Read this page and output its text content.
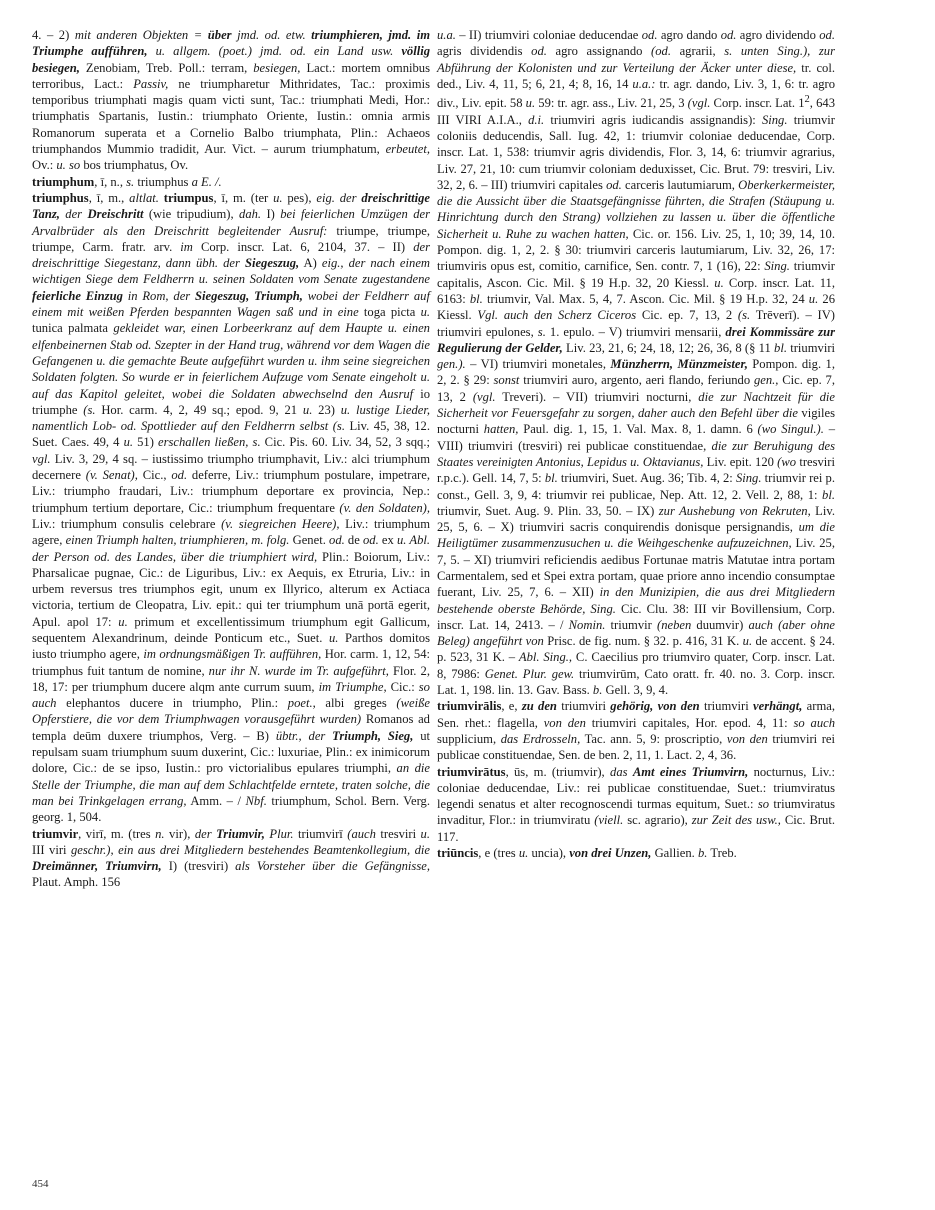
4. – 2) mit anderen Objekten = über jmd. od. etw. triumphieren, jmd. im Triumphe aufführen, u. allgem. (poet.) jmd. od. ein Land usw. völlig besiegen, Zenobiam, Treb. Poll.: terram, besiegen, Lact.: mortem omnibus terroribus, Lact.: Passiv, ne triumpharetur Mithridates, Tac.: proximis temporibus triumphati magis quam victi sunt, Tac.: triumphati Medi, Hor.: triumphatis Spartanis, Iustin.: triumphato Oriente, Iustin.: omnia armis Romanorum superata et a Cornelio Balbo triumphata, Plin.: Achaeos triumphandos Mummio tradidit, Aur. Vict. – aurum triumphatum, erbeutet, Ov.: u. so bos triumphatus, Ov.

triumphum, ī, n., s. triumphus a E. /.

triumphus, ī, m., altlat. triumpus, ī, m. (ter u. pes), eig. der dreischrittige Tanz, der Dreischritt (wie tripudium), dah. I) bei feierlichen Umzügen der Arvalbrüder als den Dreischritt begleitender Ausruf: triumpe, triumpe, triumpe, Carm. fratr. arv. im Corp. inscr. Lat. 6, 2104, 37. – II) der dreischrittige Siegestanz, dann übh. der Siegeszug, A) eig., der nach einem wichtigen Siege dem Feldherrn u. seinen Soldaten vom Senate zugestandene feierliche Einzug in Rom, der Siegeszug, Triumph, wobei der Feldherr auf einem mit weißen Pferden bespannten Wagen saß und in eine toga picta u. tunica palmata gekleidet war, einen Lorbeerkranz auf dem Haupte u. einen elfenbeinernen Stab od. Szepter in der Hand trug, während vor dem Wagen die Gefangenen u. die gemachte Beute aufgeführt wurden u. ihm seine siegreichen Soldaten folgten. So wurde er in feierlichem Aufzuge vom Senate eingeholt u. auf das Kapitol geleitet, wobei die Soldaten abwechselnd den Ausruf io triumphe (s. Hor. carm. 4, 2, 49 sq.; epod. 9, 21 u. 23) u. lustige Lieder, namentlich Lob- od. Spottlieder auf den Feldherrn selbst (s. Liv. 45, 38, 12. Suet. Caes. 49, 4 u. 51) erschallen ließen, s. Cic. Pis. 60. Liv. 34, 52, 3 sqq.; vgl. Liv. 3, 29, 4 sq. – iustissimo triumpho triumphavit, Liv.: alci triumphum decernere (v. Senat), Cic., od. deferre, Liv.: triumphum postulare, impetrare, Liv.: triumpho fraudari, Liv.: triumphum deportare ex provincia, Nep.: triumphum tertium deportare, Cic.: triumphum frequentare (v. den Soldaten), Liv.: triumphum consulis celebrare (v. siegreichen Heere), Liv.: triumphum agere, einen Triumph halten, triumphieren, m. folg. Genet. od. de od. ex u. Abl. der Person od. des Landes, über die triumphiert wird, Plin.: Boiorum, Liv.: Pharsalicae pugnae, Cic.: de Liguribus, Liv.: ex Aequis, ex Etruria, Liv.: in urbem reversus tres triumphos egit, unum ex Illyrico, alterum ex Actiaca victoria, tertium de Cleopatra, Liv. epit.: qui ter triumphum unā portā egerit, Apul. apol 17: u. primum et excellentissimum triumphum egit Gallicum, sequentem Alexandrinum, deinde Ponticum etc., Suet. u. Parthos domitos iusto triumpho agere, im ordnungsmäßigen Tr. aufführen, Hor. carm. 1, 12, 54: triumphus fuit tantum de nomine, nur ihr N. wurde im Tr. aufgeführt, Flor. 2, 18, 17: per triumphum ducere alqm ante currum suum, im Triumphe, Cic.: so auch elephantos ducere in triumpho, Plin.: poet., albi greges (weiße Opferstiere, die vor dem Triumphwagen vorausgeführt wurden) Romanos ad templa deūm duxere triumphos, Verg. – B) übtr., der Triumph, Sieg, ut repulsam suam triumphum suum duxerint, Cic.: luxuriae, Plin.: ex inimicorum dolore, Cic.: de se ipso, Iustin.: pro victorialibus epulares triumphi, an die Stelle der Triumphe, die man auf dem Schlachtfelde erntete, traten solche, die man bei Trinkgelagen errang, Amm. – / Nbf. triumphum, Schol. Bern. Verg. georg. 1, 504.

triumvir, virī, m. (tres n. vir), der Triumvir, Plur. triumvirī (auch tresviri u. III viri geschr.), ein aus drei Mitgliedern bestehendes Beamtenkollegium, die Dreimänner, Triumvirn, I) (tresviri) als Vorsteher über die Gefängnisse, Plaut. Amph. 156

u.a. – II) triumviri coloniae deducendae od. agro dando od. agro dividendo od. agris dividendis od. agro assignando (od. agrarii, s. unten Sing.), zur Abführung der Kolonisten und zur Verteilung der Äcker unter diese, tr. col. ded., Liv. 4, 11, 5; 6, 21, 4; 8, 16, 14 u.a.: tr. agr. dando, Liv. 3, 1, 6: tr. agro div., Liv. epit. 58 u. 59: tr. agr. ass., Liv. 21, 25, 3 (vgl. Corp. inscr. Lat. $1^2$, 643 III VIRI A.I.A., d.i. triumviri agris iudicandis assignandis): Sing. triumvir coloniis deducendis, Sall. Iug. 42, 1: triumvir coloniae deducendae, Corp. inscr. Lat. 1, 538: triumvir agris dividendis, Flor. 3, 14, 6: triumvir agrarius, Liv. 27, 21, 10: cum triumvir coloniam deduxisset, Cic. Brut. 79: tresviri, Liv. 32, 2, 6. – III) triumviri capitales od. carceris lautumiarum, Oberkerkermeister, die die Aussicht über die Staatsgefängnisse führten, die Strafen (Stäupung u. Hinrichtung durch den Strang) vollziehen zu lassen u. über die öffentliche Sicherheit u. Ruhe zu wachen hatten, Cic. or. 156. Liv. 25, 1, 10; 39, 14, 10. Pompon. dig. 1, 2, 2. § 30: triumviri carceris lautumiarum, Liv. 32, 26, 17: triumviris opus est, comitio, carnifice, Sen. contr. 7, 1 (16), 22: Sing. triumvir capitalis, Ascon. Cic. Mil. § 19 H.p. 32, 20 Kiessl. u. Corp. inscr. Lat. 11, 6163: bl. triumvir, Val. Max. 5, 4, 7. Ascon. Cic. Mil. § 19 H.p. 32, 24 u. 26 Kiessl. Vgl. auch den Scherz Ciceros Cic. ep. 7, 13, 2 (s. Trēverī). – IV) triumviri epulones, s. 1. epulo. – V) triumviri mensarii, drei Kommissäre zur Regulierung der Gelder, Liv. 23, 21, 6; 24, 18, 12; 26, 36, 8 (§ 11 bl. triumviri gen.). – VI) triumviri monetales, Münzherrn, Münzmeister, Pompon. dig. 1, 2, 2. § 29: sonst triumviri auro, argento, aeri flando, feriundo gen., Cic. ep. 7, 13, 2 (vgl. Treveri). – VII) triumviri nocturni, die zur Nachtzeit für die Sicherheit vor Feuersgefahr zu sorgen, daher auch den Befehl über die vigiles nocturni hatten, Paul. dig. 1, 15, 1. Val. Max. 8, 1. damn. 6 (wo Singul.). – VIII) triumviri (tresviri) rei publicae constituendae, die zur Beruhigung des Staates vereinigten Antonius, Lepidus u. Oktavianus, Liv. epit. 120 (wo tresviri r.p.c.). Gell. 14, 7, 5: bl. triumviri, Suet. Aug. 36; Tib. 4, 2: Sing. triumvir rei p. const., Gell. 3, 9, 4: triumvir rei publicae, Nep. Att. 12, 2. Vell. 2, 88, 1: bl. triumvir, Suet. Aug. 9. Plin. 33, 50. – IX) zur Aushebung von Rekruten, Liv. 25, 5, 6. – X) triumviri sacris conquirendis donisque persignandis, um die Heiligtümer zusammenzusuchen u. die Weihgeschenke aufzuzeichnen, Liv. 25, 7, 5. – XI) triumviri reficiendis aedibus Fortunae matris Matutae intra portam Carmentalem, sed et Spei extra portam, quae priore anno incendio consumptae fuerant, Liv. 25, 7, 6. – XII) in den Munizipien, die aus drei Mitgliedern bestehende oberste Behörde, Sing. Cic. Clu. 38: III vir Bovillensium, Corp. inscr. Lat. 14, 2413. – / Nomin. triumvir (neben duumvir) auch (aber ohne Beleg) angeführt von Prisc. de fig. num. § 32. p. 416, 31 K. u. de accent. § 24. p. 523, 31 K. – Abl. Sing., C. Caecilius pro triumviro quater, Corp. inscr. Lat. 8, 7986: Genet. Plur. gew. triumvirūm, Cato oratt. fr. 40. no. 3. Corp. inscr. Lat. 1, 198. lin. 13. Gav. Bass. b. Gell. 3, 9, 4.

triumvirālis, e, zu den triumviri gehörig, von den triumviri verhängt, arma, Sen. rhet.: flagella, von den triumviri capitales, Hor. epod. 4, 11: so auch supplicium, das Erdrosseln, Tac. ann. 5, 9: proscriptio, von den triumviri rei publicae constituendae, Sen. de ben. 2, 11, 1. Lact. 2, 4, 36.

triumvirātus, ūs, m. (triumvir), das Amt eines Triumvirn, nocturnus, Liv.: coloniae deducendae, Liv.: rei publicae constituendae, Suet.: triumviratus legendi senatus et alter recognoscendi turmas equitum, Suet.: so triumviratus invaditur, Flor.: in triumviratu (viell. sc. agrario), zur Zeit des usw., Cic. Brut. 117.

triūncis, e (tres u. uncia), von drei Unzen, Gallien. b. Treb.

454
